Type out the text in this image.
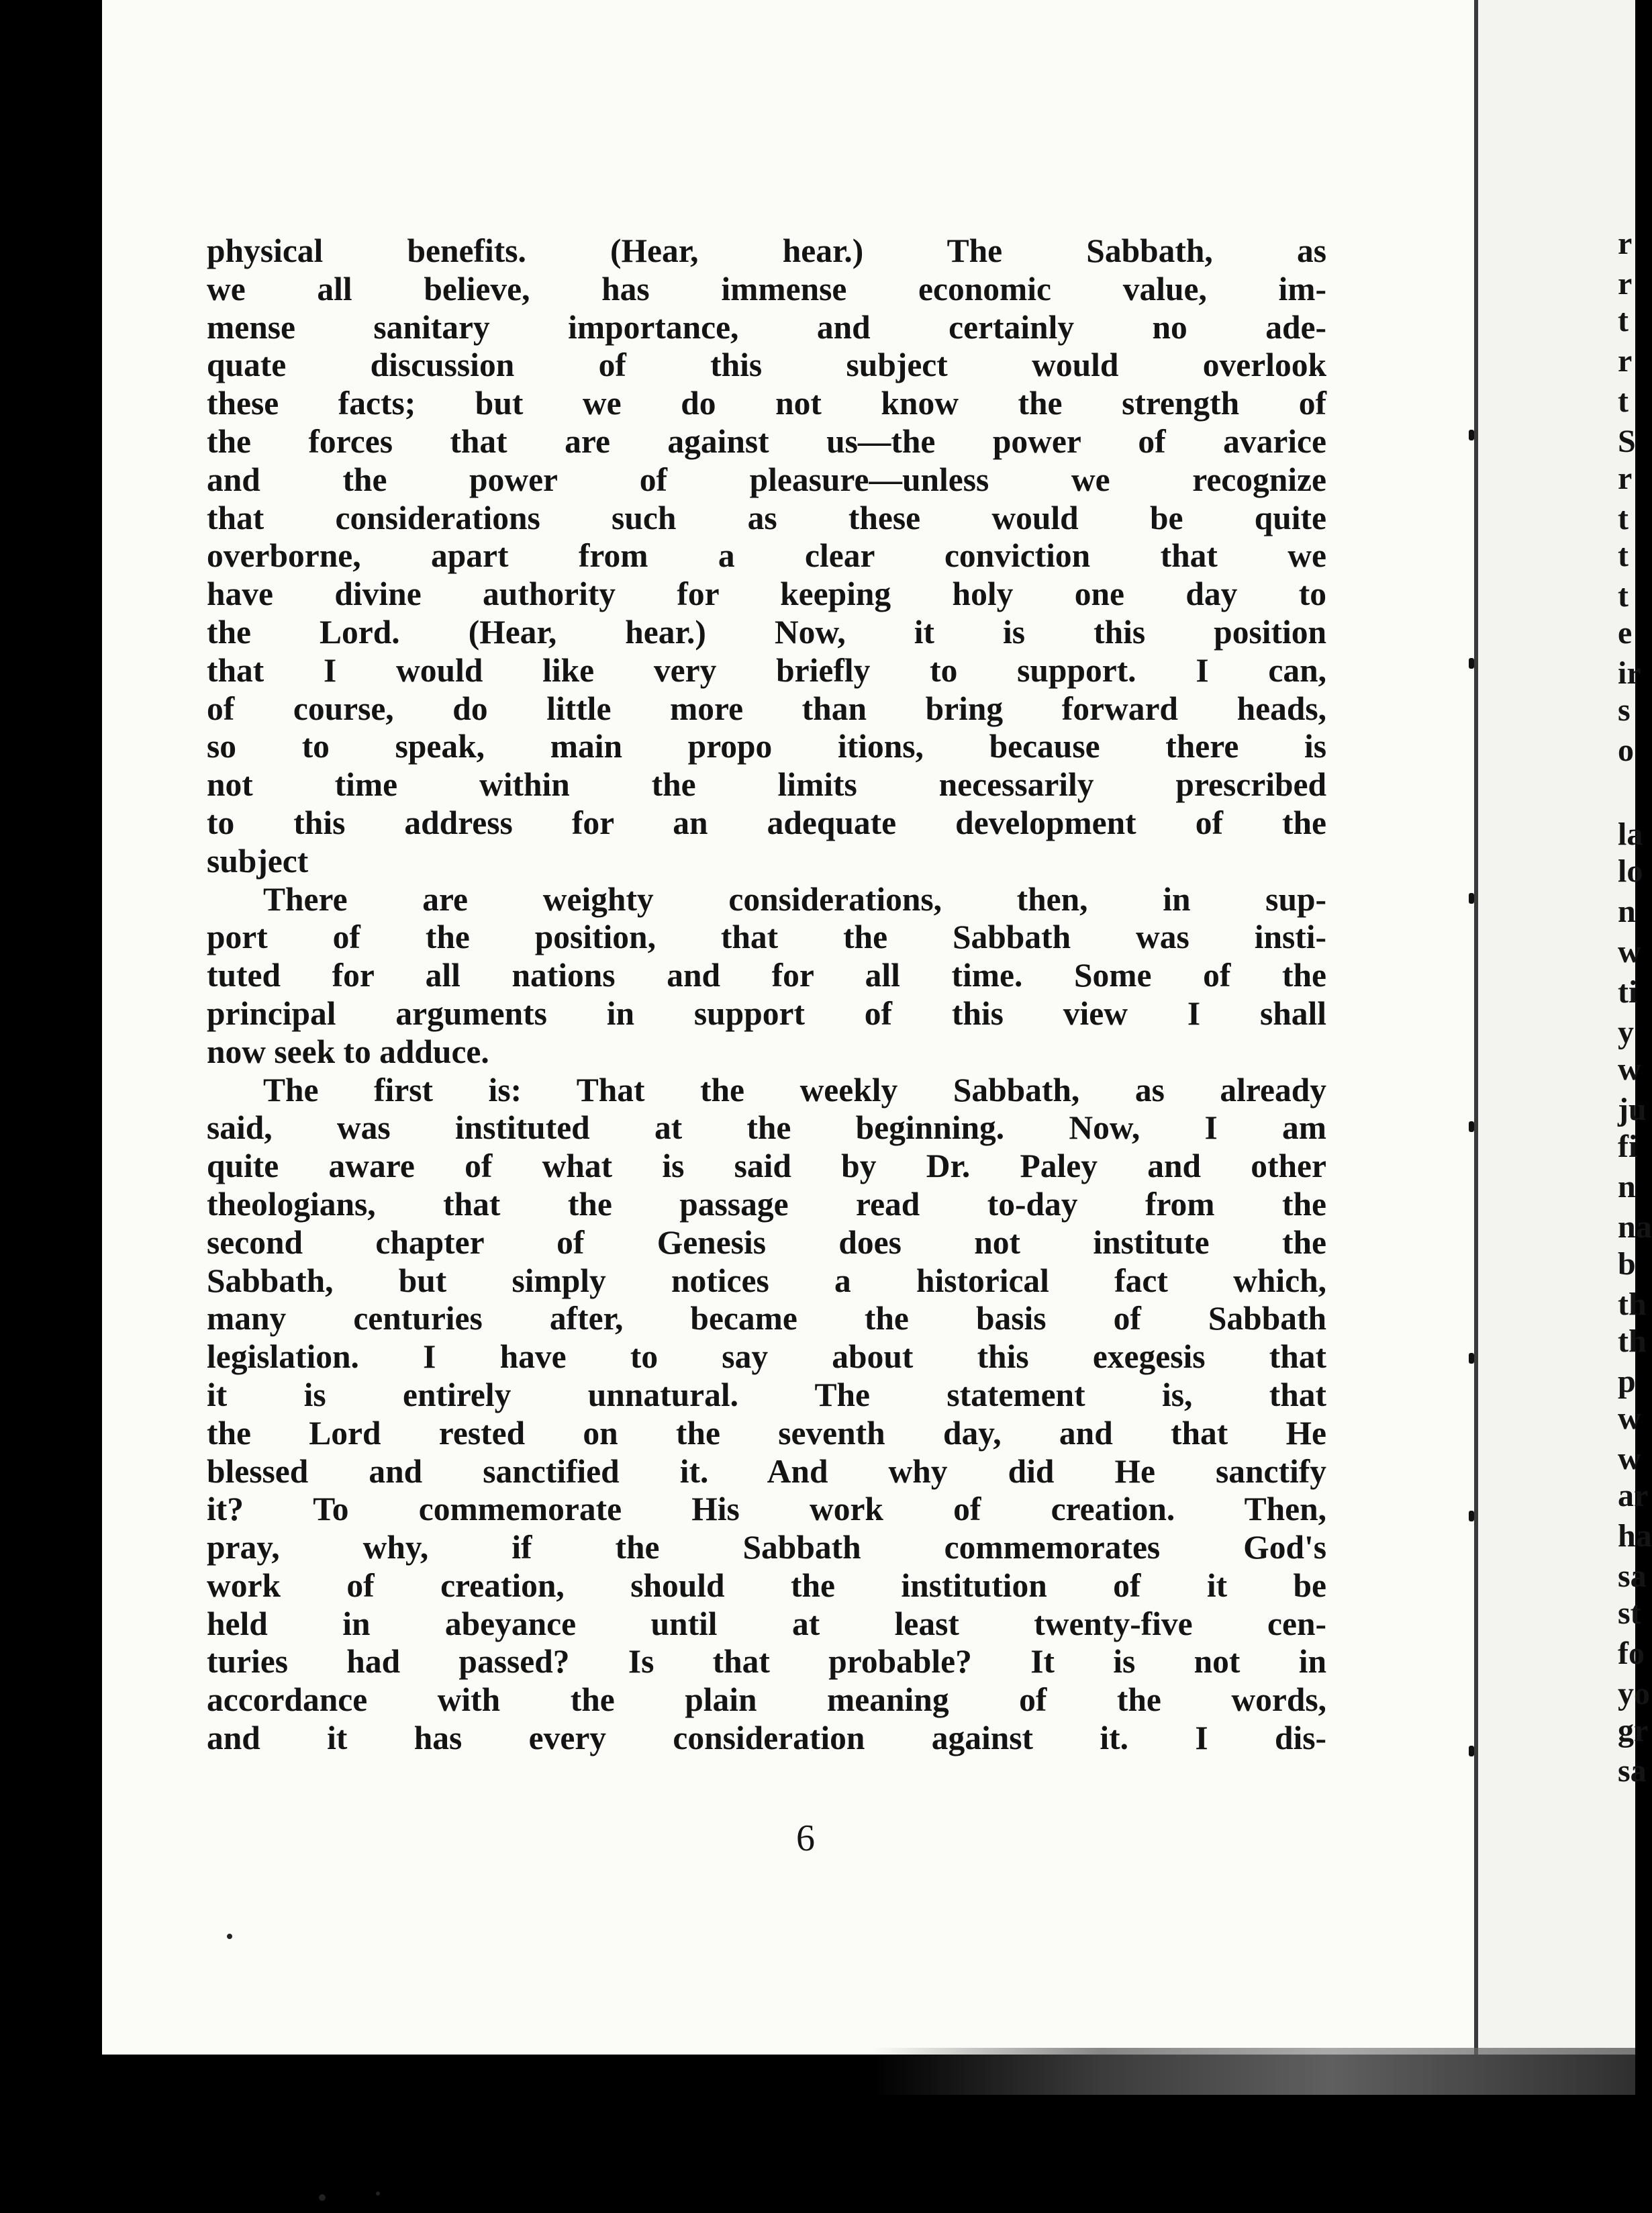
physical benefits. (Hear, hear.) The Sabbath, as
we all believe, has immense economic value, im-
mense sanitary importance, and certainly no ade-
quate discussion of this subject would overlook
these facts; but we do not know the strength of
the forces that are against us—the power of avarice
and the power of pleasure—unless we recognize
that considerations such as these would be quite
overborne, apart from a clear conviction that we
have divine authority for keeping holy one day to
the Lord. (Hear, hear.) Now, it is this position
that I would like very briefly to support. I can,
of course, do little more than bring forward heads,
so to speak, main propo itions, because there is
not time within the limits necessarily prescribed
to this address for an adequate development of the
subject
There are weighty considerations, then, in sup-
port of the position, that the Sabbath was insti-
tuted for all nations and for all time. Some of the
principal arguments in support of this view I shall
now seek to adduce.
The first is: That the weekly Sabbath, as already
said, was instituted at the beginning. Now, I am
quite aware of what is said by Dr. Paley and other
theologians, that the passage read to-day from the
second chapter of Genesis does not institute the
Sabbath, but simply notices a historical fact which,
many centuries after, became the basis of Sabbath
legislation. I have to say about this exegesis that
it is entirely unnatural. The statement is, that
the Lord rested on the seventh day, and that He
blessed and sanctified it. And why did He sanctify
it? To commemorate His work of creation. Then,
pray, why, if the Sabbath commemorates God's
work of creation, should the institution of it be
held in abeyance until at least twenty-five cen-
turies had passed? Is that probable? It is not in
accordance with the plain meaning of the words,
and it has every consideration against it. I dis-
6
r
r
t
r
t
S
r
t
t
t
e
ir
s
o
la
lo
n
w
ti
y
w
ju
fi
n
na
b
th
th
p
w
w
ar
ha
sa
st
fo
yo
gr
sa
